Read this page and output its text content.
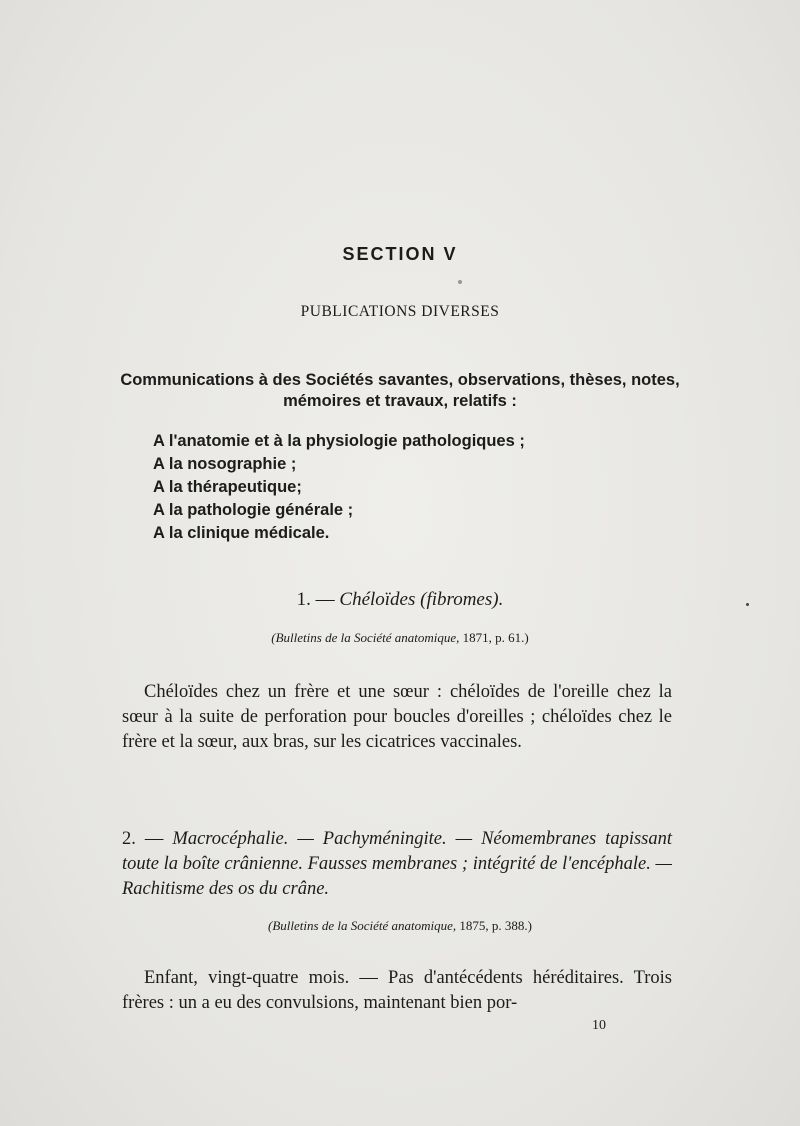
SECTION V
PUBLICATIONS DIVERSES
Communications à des Sociétés savantes, observations, thèses, notes, mémoires et travaux, relatifs :
A l'anatomie et à la physiologie pathologiques ;
A la nosographie ;
A la thérapeutique;
A la pathologie générale ;
A la clinique médicale.
1. — Chéloïdes (fibromes).
(Bulletins de la Société anatomique, 1871, p. 61.)
Chéloïdes chez un frère et une sœur : chéloïdes de l'oreille chez la sœur à la suite de perforation pour boucles d'oreilles ; chéloïdes chez le frère et la sœur, aux bras, sur les cicatrices vaccinales.
2. — Macrocéphalie. — Pachyméningite. — Néomembranes tapissant toute la boîte crânienne. Fausses membranes ; intégrité de l'encéphale. — Rachitisme des os du crâne.
(Bulletins de la Société anatomique, 1875, p. 388.)
Enfant, vingt-quatre mois. — Pas d'antécédents héréditaires. Trois frères : un a eu des convulsions, maintenant bien por-
10
